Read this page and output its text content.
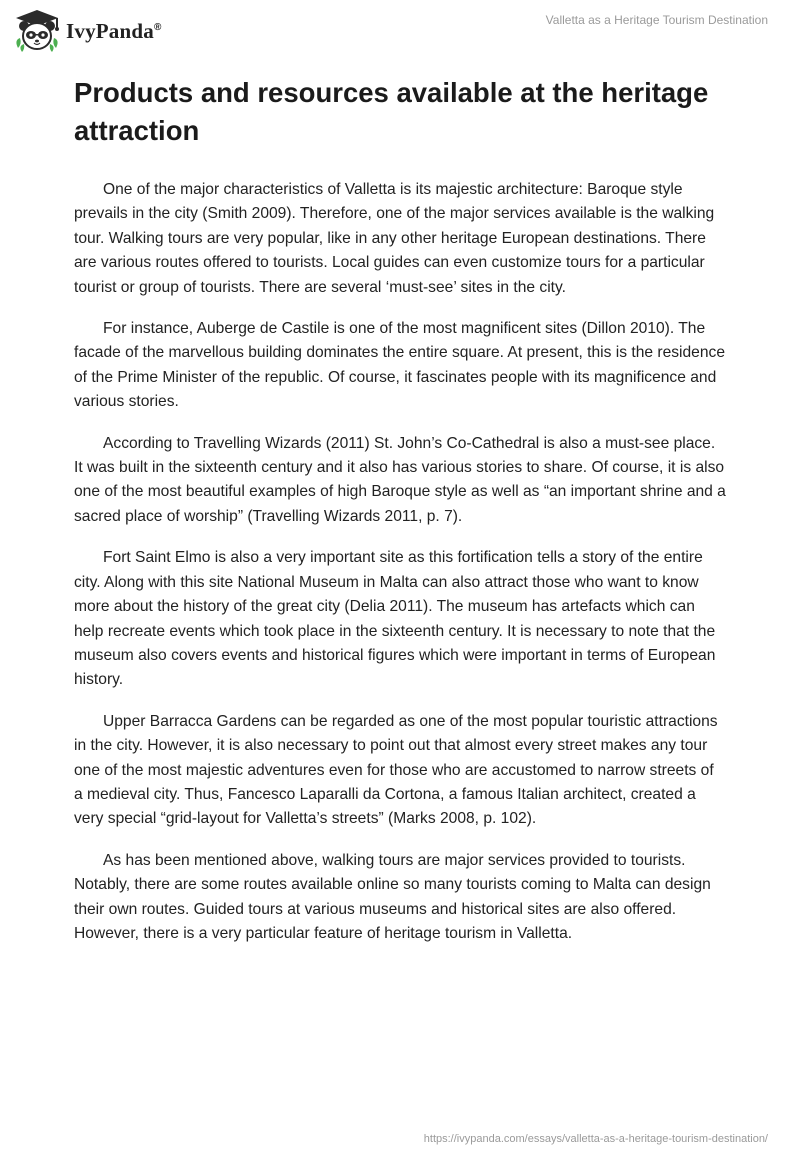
IvyPanda®	Valletta as a Heritage Tourism Destination
Products and resources available at the heritage attraction

One of the major characteristics of Valletta is its majestic architecture: Baroque style prevails in the city (Smith 2009). Therefore, one of the major services available is the walking tour. Walking tours are very popular, like in any other heritage European destinations. There are various routes offered to tourists. Local guides can even customize tours for a particular tourist or group of tourists. There are several ‘must-see’ sites in the city.

For instance, Auberge de Castile is one of the most magnificent sites (Dillon 2010). The facade of the marvellous building dominates the entire square. At present, this is the residence of the Prime Minister of the republic. Of course, it fascinates people with its magnificence and various stories.

According to Travelling Wizards (2011) St. John’s Co-Cathedral is also a must-see place. It was built in the sixteenth century and it also has various stories to share. Of course, it is also one of the most beautiful examples of high Baroque style as well as “an important shrine and a sacred place of worship” (Travelling Wizards 2011, p. 7).

Fort Saint Elmo is also a very important site as this fortification tells a story of the entire city. Along with this site National Museum in Malta can also attract those who want to know more about the history of the great city (Delia 2011). The museum has artefacts which can help recreate events which took place in the sixteenth century. It is necessary to note that the museum also covers events and historical figures which were important in terms of European history.

Upper Barracca Gardens can be regarded as one of the most popular touristic attractions in the city. However, it is also necessary to point out that almost every street makes any tour one of the most majestic adventures even for those who are accustomed to narrow streets of a medieval city. Thus, Fancesco Laparalli da Cortona, a famous Italian architect, created a very special “grid-layout for Valletta’s streets” (Marks 2008, p. 102).

As has been mentioned above, walking tours are major services provided to tourists. Notably, there are some routes available online so many tourists coming to Malta can design their own routes. Guided tours at various museums and historical sites are also offered. However, there is a very particular feature of heritage tourism in Valletta.

https://ivypanda.com/essays/valletta-as-a-heritage-tourism-destination/
